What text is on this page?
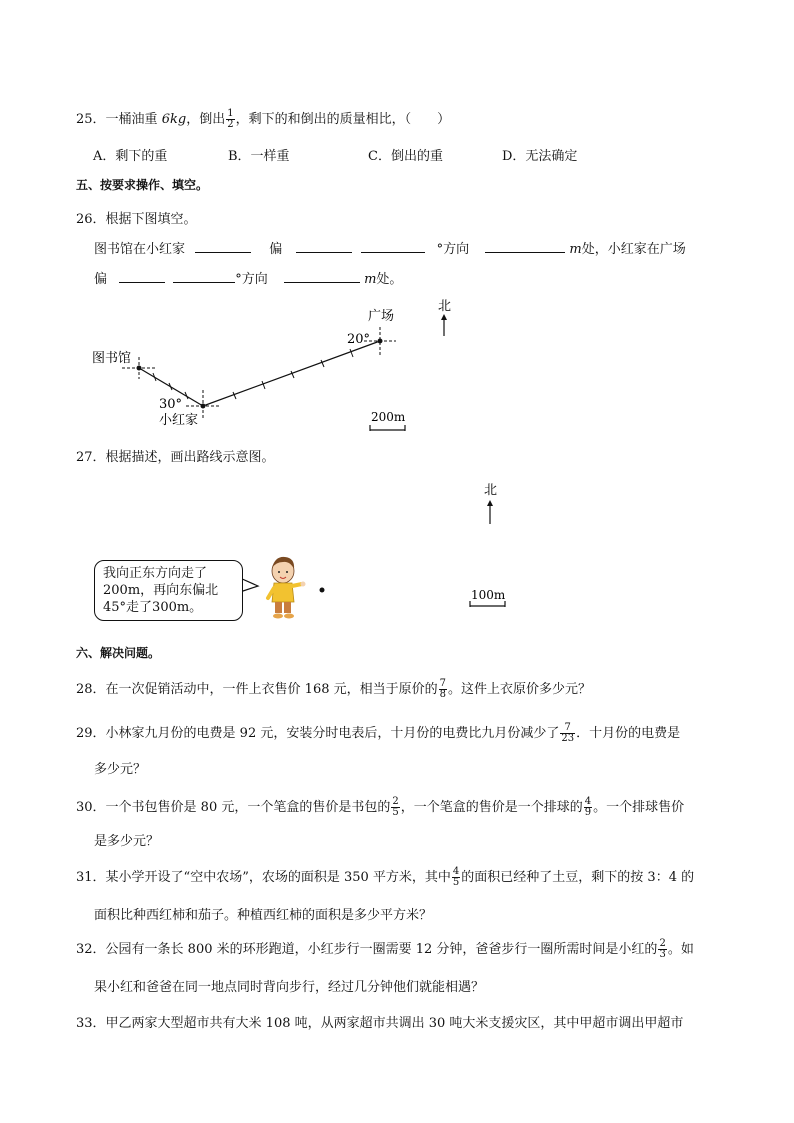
25．一桶油重 6kg，倒出 $\frac{1}{2}$ ，剩下的和倒出的质量相比，（　　）
A．剩下的重	B．一样重	C．倒出的重	D．无法确定
五、按要求操作、填空。
26．根据下图填空。
图书馆在小红家	偏	°方向	m处，小红家在广场
偏	°方向	m处。
北
广场
20°
图书馆
30°
小红家	200m
北
100m
27．根据描述，画出路线示意图。
我向正东方向走了200m，再向东偏北45°走了300m。
六、解决问题。
28．在一次促销活动中，一件上衣售价 168 元，相当于原价的 $\frac{7}{8}$ 。这件上衣原价多少元？
29．小林家九月份的电费是 92 元，安装分时电表后，十月份的电费比九月份减少了 $\frac{7}{23}$ ．十月份的电费是
多少元？
30．一个书包售价是 80 元，一个笔盒的售价是书包的 $\frac{2}{5}$ ，一个笔盒的售价是一个排球的 $\frac{4}{9}$ 。一个排球售价
是多少元？
31．某小学开设了“空中农场”，农场的面积是 350 平方米，其中 $\frac{4}{5}$ 的面积已经种了土豆，剩下的按 3：4 的
面积比种西红柿和茄子。种植西红柿的面积是多少平方米？
32．公园有一条长 800 米的环形跑道，小红步行一圈需要 12 分钟，爸爸步行一圈所需时间是小红的 $\frac{2}{3}$ 。如
果小红和爸爸在同一地点同时背向步行，经过几分钟他们就能相遇？
33．甲乙两家大型超市共有大米 108 吨，从两家超市共调出 30 吨大米支援灾区，其中甲超市调出甲超市
